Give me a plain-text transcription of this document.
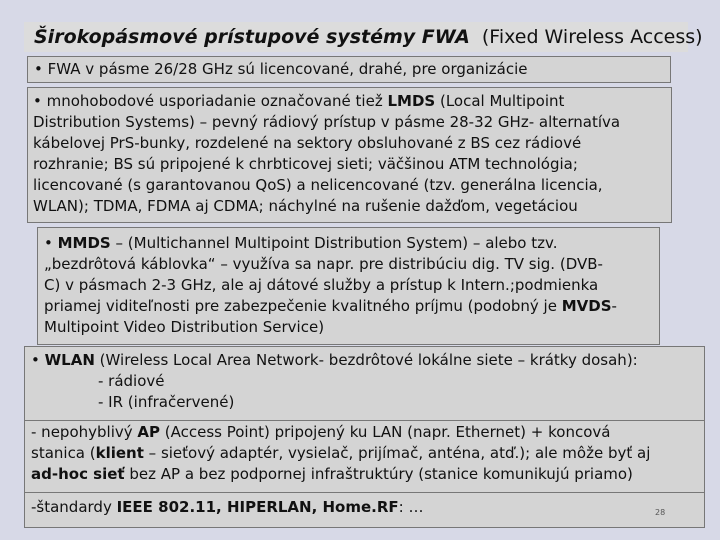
Širokopásmové prístupové systémy FWA (Fixed Wireless Access)

• FWA v pásme 26/28 GHz sú licencované, drahé, pre organizácie

• mnohobodové usporiadanie označované tiež LMDS (Local Multipoint

Distribution Systems) – pevný rádiový prístup v pásme 28-32 GHz- alternatíva

kábelovej PrS-bunky, rozdelené na sektory obsluhované z BS cez rádiové

rozhranie; BS sú pripojené k chrbticovej sieti; väčšinou ATM technológia;

licencované (s garantovanou QoS) a nelicencované (tzv. generálna licencia,

WLAN); TDMA, FDMA aj CDMA; náchylné na rušenie dažďom, vegetáciou

• MMDS – (Multichannel Multipoint Distribution System) – alebo tzv.

„bezdrôtová káblovka“ – využíva sa napr. pre distribúciu dig. TV sig. (DVB-

C) v pásmach 2-3 GHz, ale aj dátové služby a prístup k Intern.;podmienka

priamej viditeľnosti pre zabezpečenie kvalitného príjmu (podobný je MVDS-

Multipoint Video Distribution Service)

• WLAN (Wireless Local Area Network- bezdrôtové lokálne siete – krátky dosah):

- rádiové

- IR (infračervené)

- nepohyblivý AP (Access Point) pripojený ku LAN (napr. Ethernet) + koncová

stanica (klient – sieťový adaptér, vysielač, prijímač, anténa, atď.); ale môže byť aj

ad-hoc sieť bez AP a bez podpornej infraštruktúry (stanice komunikujú priamo)

-štandardy IEEE 802.11, HIPERLAN, Home.RF: …	28
